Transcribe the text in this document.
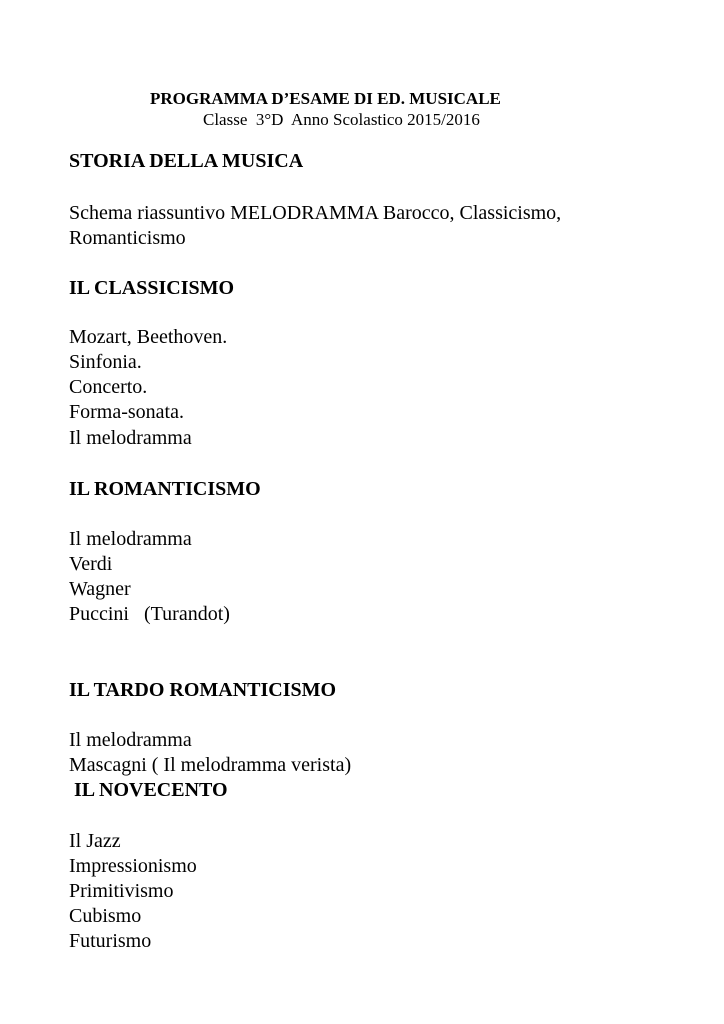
PROGRAMMA D’ESAME DI ED. MUSICALE
Classe  3°D  Anno Scolastico 2015/2016
STORIA DELLA MUSICA
Schema riassuntivo MELODRAMMA Barocco, Classicismo,
Romanticismo
IL CLASSICISMO
Mozart, Beethoven.
Sinfonia.
Concerto.
Forma-sonata.
Il melodramma
IL ROMANTICISMO
Il melodramma
Verdi
Wagner
Puccini   (Turandot)
IL TARDO ROMANTICISMO
Il melodramma
Mascagni ( Il melodramma verista)
IL NOVECENTO
Il Jazz
Impressionismo
Primitivismo
Cubismo
Futurismo
